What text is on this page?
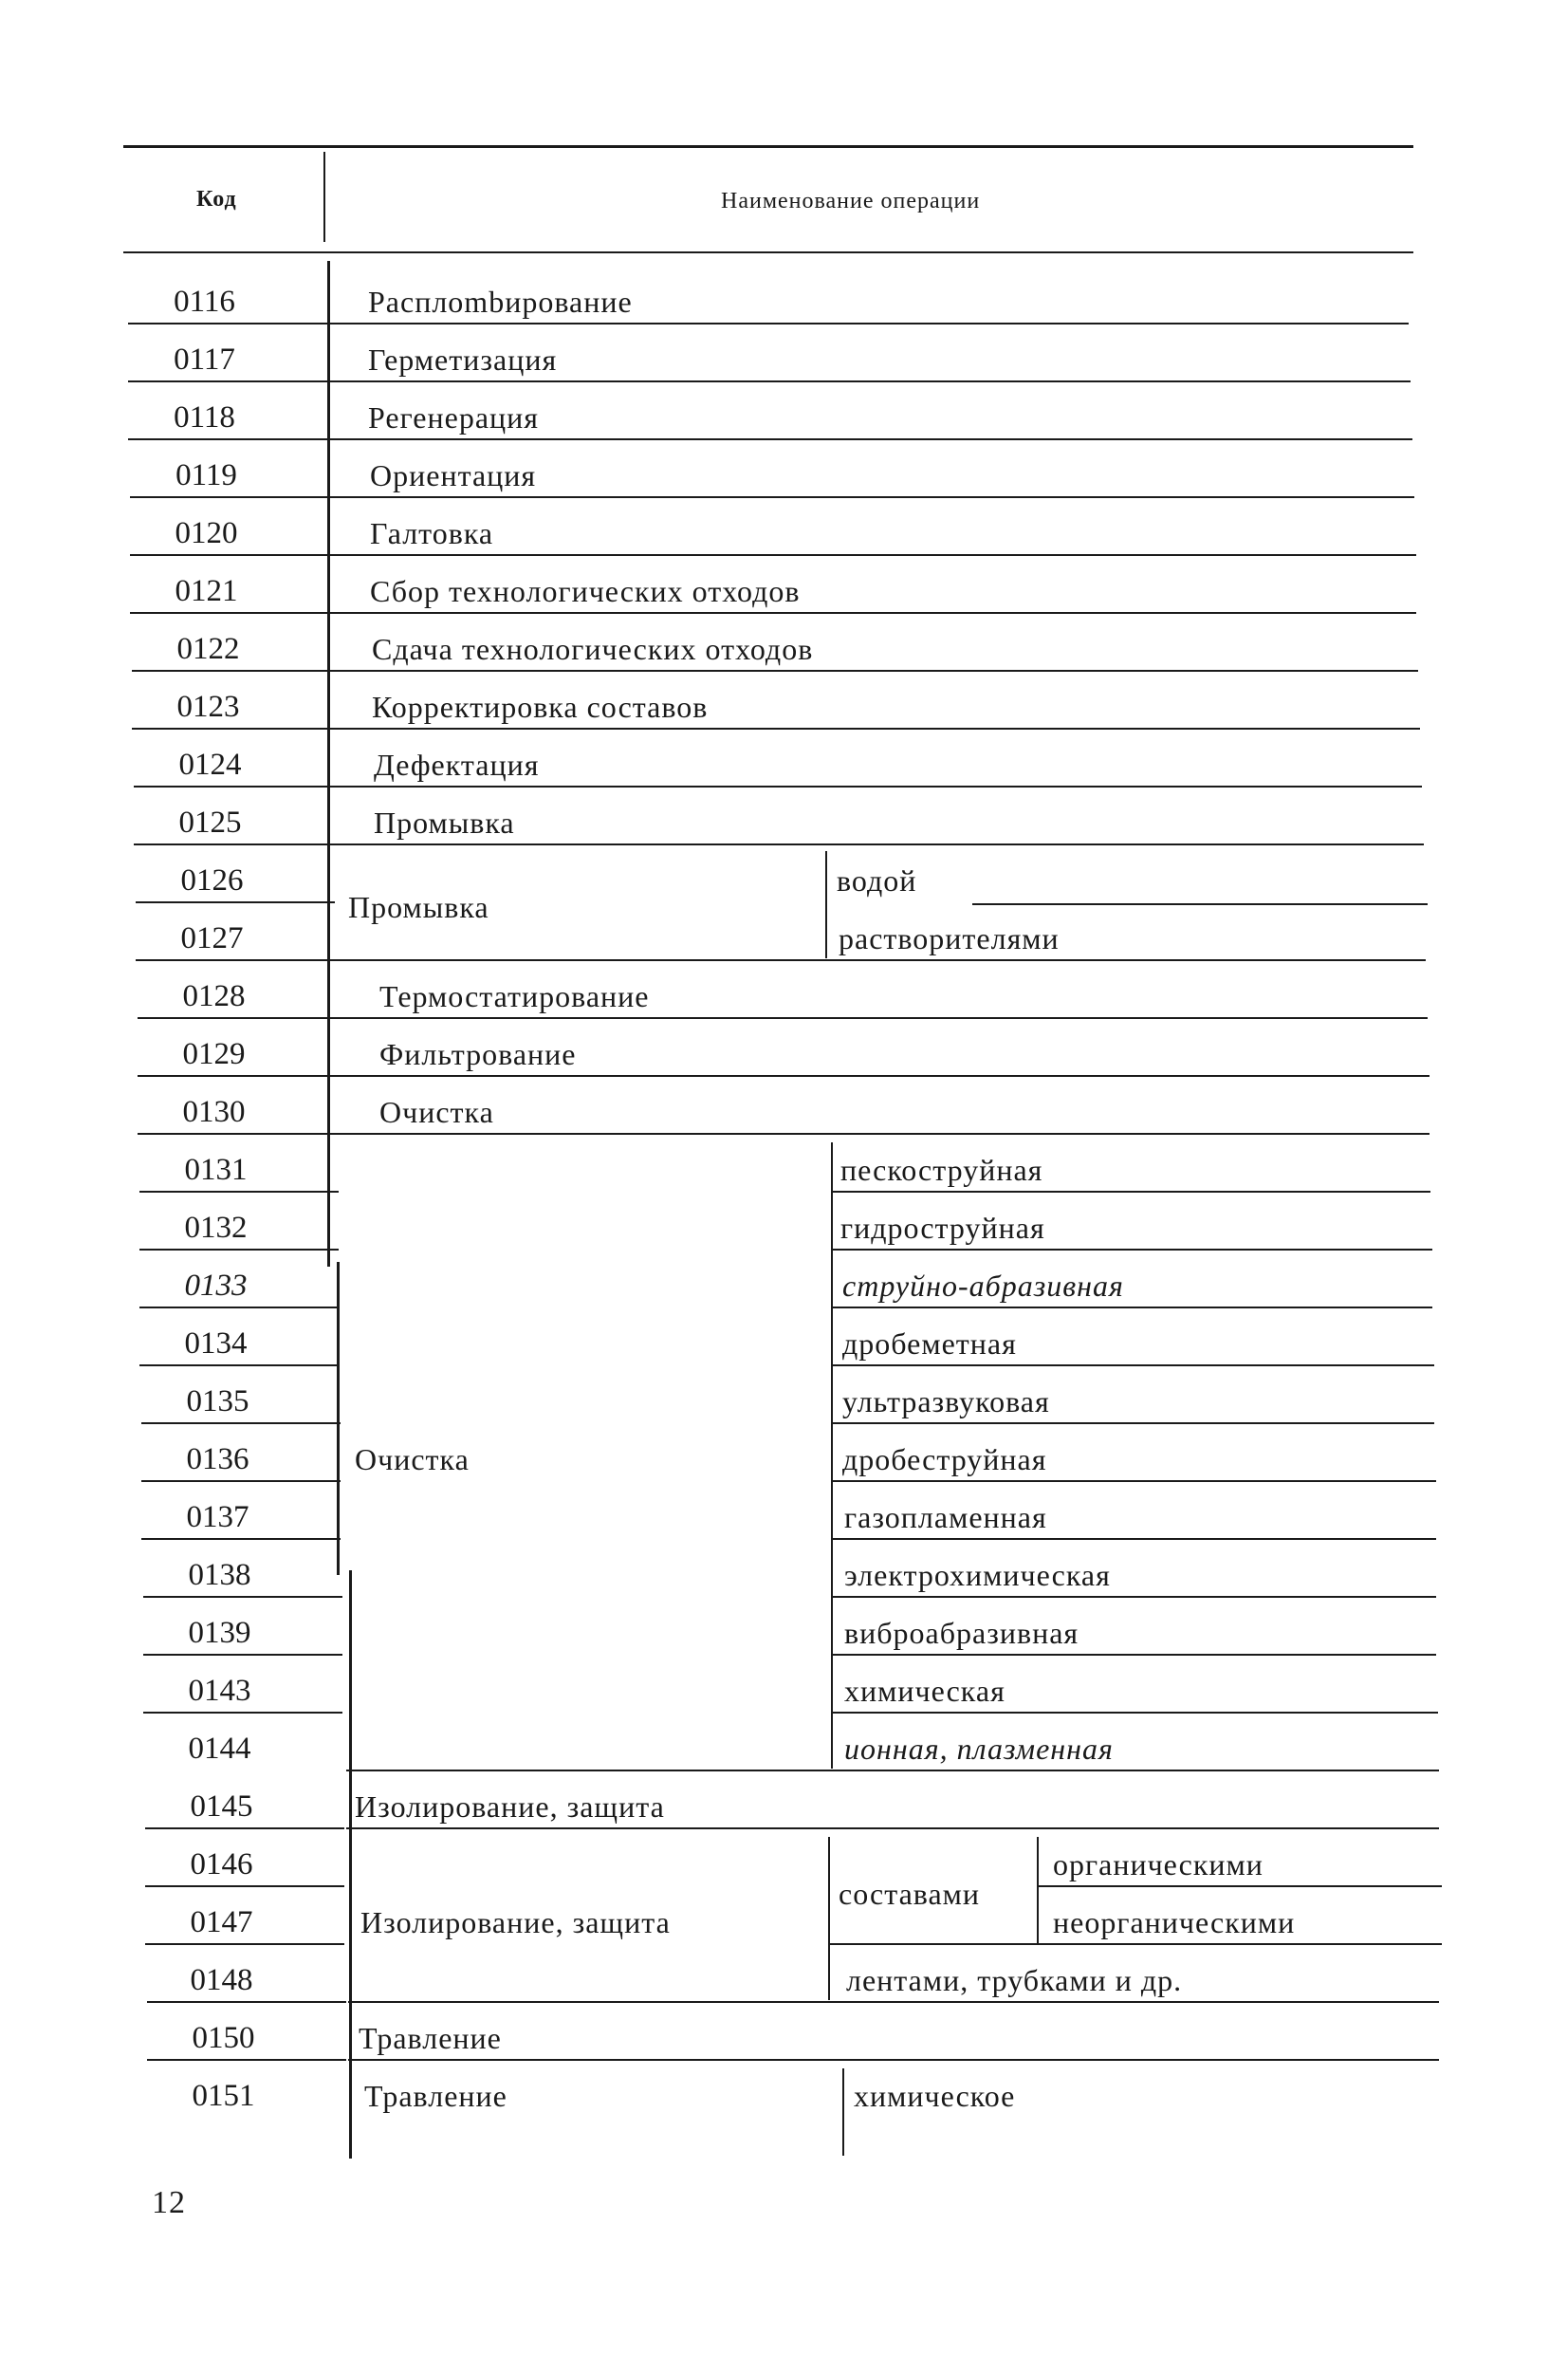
Код	Наименование операции
0116
0117
0118
0119
0120
0121
0122
0123
0124
0125
0126
0127
0128
0129
0130
0131
0132
0133
0134
0135
0136
0137
0138
0139
0143
0144
0145
0146
0147
0148
0150
0151
Расплombирование
Герметизация
Регенерация
Ориентация
Галтовка
Сбор технологических отходов
Сдача технологических отходов
Корректировка составов
Дефектация
Промывка
Термостатирование
Фильтрование
Очистка
Изолирование, защита
Травление
Промывка
водой
растворителями
Очистка
пескоструйная
гидроструйная
струйно-абразивная
дробеметная
ультразвуковая
дробеструйная
газопламенная
электрохимическая
виброабразивная
химическая
ионная, плазменная
Изолирование, защита
составами
органическими
неорганическими
лентами, трубками и др.
Травление	химическое
12
